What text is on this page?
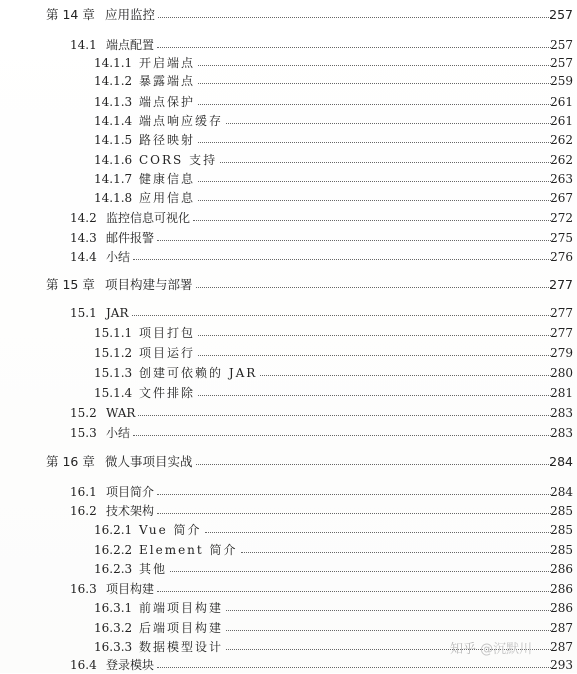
第 14 章 应用监控	257
14.1 端点配置	257
14.1.1 开启端点	257
14.1.2 暴露端点	259
14.1.3 端点保护	261
14.1.4 端点响应缓存	261
14.1.5 路径映射	262
14.1.6 CORS 支持	262
14.1.7 健康信息	263
14.1.8 应用信息	267
14.2 监控信息可视化	272
14.3 邮件报警	275
14.4 小结	276
第 15 章 项目构建与部署	277
15.1 JAR	277
15.1.1 项目打包	277
15.1.2 项目运行	279
15.1.3 创建可依赖的 JAR	280
15.1.4 文件排除	281
15.2 WAR	283
15.3 小结	283
第 16 章 微人事项目实战	284
16.1 项目简介	284
16.2 技术架构	285
16.2.1 Vue 简介	285
16.2.2 Element 简介	285
16.2.3 其他	286
16.3 项目构建	286
16.3.1 前端项目构建	286
16.3.2 后端项目构建	287
16.3.3 数据模型设计	287
16.4 登录模块	293
知乎 @沉默川
